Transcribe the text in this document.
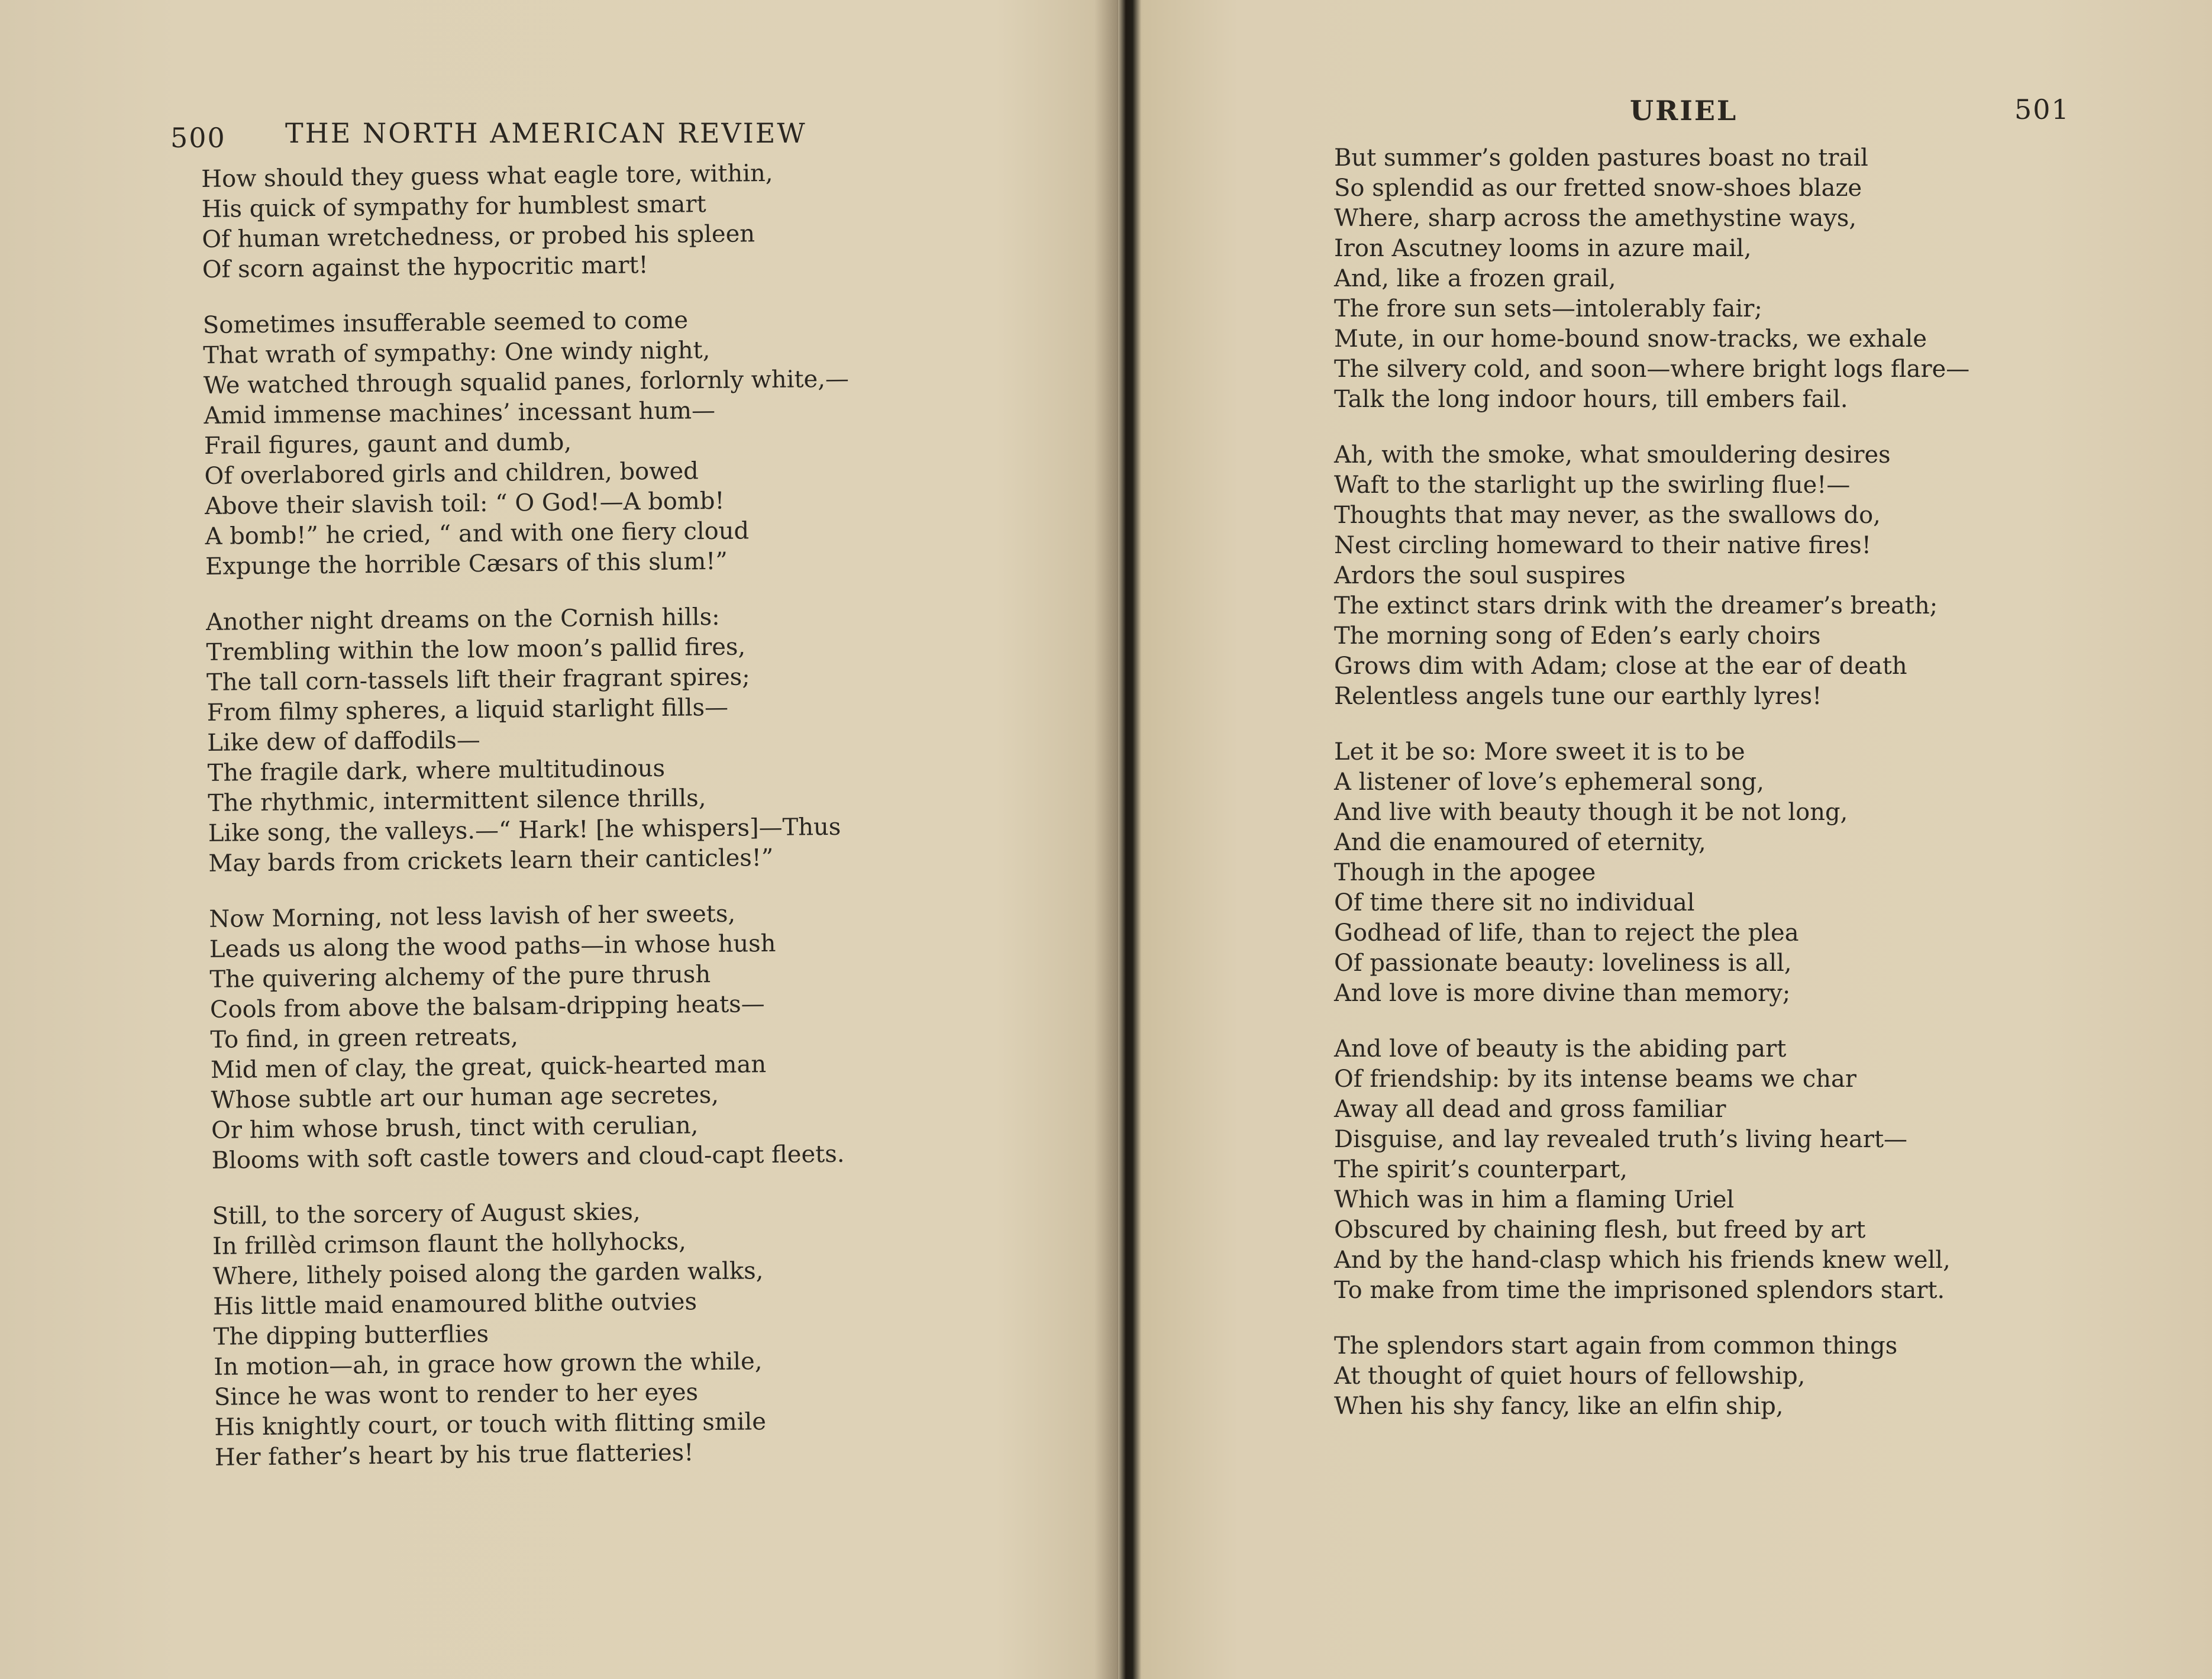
500 THE NORTH AMERICAN REVIEW
How should they guess what eagle tore, within,
His quick of sympathy for humblest smart
Of human wretchedness, or probed his spleen
Of scorn against the hypocritic mart!
Sometimes insufferable seemed to come
That wrath of sympathy: One windy night,
We watched through squalid panes, forlornly white,—
Amid immense machines’ incessant hum—
Frail figures, gaunt and dumb,
Of overlabored girls and children, bowed
Above their slavish toil: “ O God!—A bomb!
A bomb!” he cried, “ and with one fiery cloud
Expunge the horrible Cæsars of this slum!”
Another night dreams on the Cornish hills:
Trembling within the low moon’s pallid fires,
The tall corn-tassels lift their fragrant spires;
From filmy spheres, a liquid starlight fills—
Like dew of daffodils—
The fragile dark, where multitudinous
The rhythmic, intermittent silence thrills,
Like song, the valleys.—“ Hark! [he whispers]—Thus
May bards from crickets learn their canticles!”
Now Morning, not less lavish of her sweets,
Leads us along the wood paths—in whose hush
The quivering alchemy of the pure thrush
Cools from above the balsam-dripping heats—
To find, in green retreats,
Mid men of clay, the great, quick-hearted man
Whose subtle art our human age secretes,
Or him whose brush, tinct with cerulian,
Blooms with soft castle towers and cloud-capt fleets.
Still, to the sorcery of August skies,
In frillèd crimson flaunt the hollyhocks,
Where, lithely poised along the garden walks,
His little maid enamoured blithe outvies
The dipping butterflies
In motion—ah, in grace how grown the while,
Since he was wont to render to her eyes
His knightly court, or touch with flitting smile
Her father’s heart by his true flatteries!
URIEL	501
But summer’s golden pastures boast no trail
So splendid as our fretted snow-shoes blaze
Where, sharp across the amethystine ways,
Iron Ascutney looms in azure mail,
And, like a frozen grail,
The frore sun sets—intolerably fair;
Mute, in our home-bound snow-tracks, we exhale
The silvery cold, and soon—where bright logs flare—
Talk the long indoor hours, till embers fail.
Ah, with the smoke, what smouldering desires
Waft to the starlight up the swirling flue!—
Thoughts that may never, as the swallows do,
Nest circling homeward to their native fires!
Ardors the soul suspires
The extinct stars drink with the dreamer’s breath;
The morning song of Eden’s early choirs
Grows dim with Adam; close at the ear of death
Relentless angels tune our earthly lyres!
Let it be so: More sweet it is to be
A listener of love’s ephemeral song,
And live with beauty though it be not long,
And die enamoured of eternity,
Though in the apogee
Of time there sit no individual
Godhead of life, than to reject the plea
Of passionate beauty: loveliness is all,
And love is more divine than memory;
And love of beauty is the abiding part
Of friendship: by its intense beams we char
Away all dead and gross familiar
Disguise, and lay revealed truth’s living heart—
The spirit’s counterpart,
Which was in him a flaming Uriel
Obscured by chaining flesh, but freed by art
And by the hand-clasp which his friends knew well,
To make from time the imprisoned splendors start.
The splendors start again from common things
At thought of quiet hours of fellowship,
When his shy fancy, like an elfin ship,
